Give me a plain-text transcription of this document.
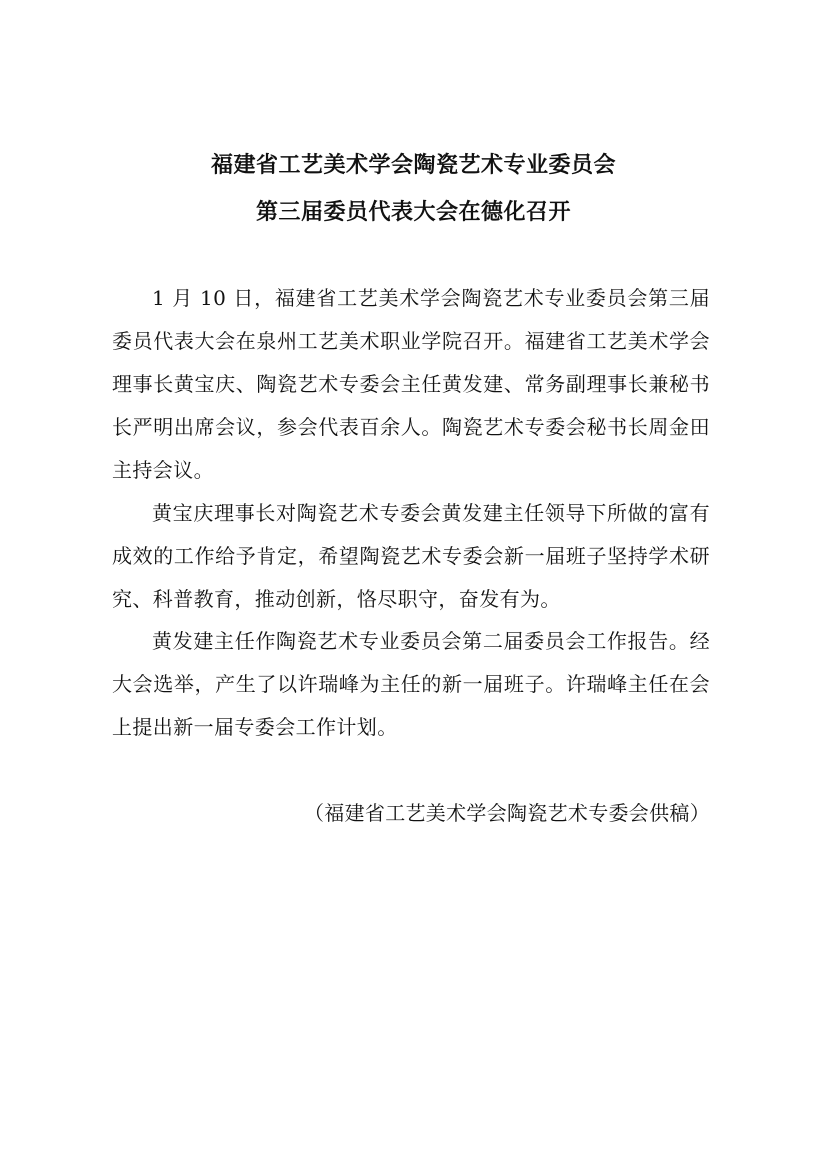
福建省工艺美术学会陶瓷艺术专业委员会
第三届委员代表大会在德化召开

1 月 10 日，福建省工艺美术学会陶瓷艺术专业委员会第三届委员代表大会在泉州工艺美术职业学院召开。福建省工艺美术学会理事长黄宝庆、陶瓷艺术专委会主任黄发建、常务副理事长兼秘书长严明出席会议，参会代表百余人。陶瓷艺术专委会秘书长周金田主持会议。

黄宝庆理事长对陶瓷艺术专委会黄发建主任领导下所做的富有成效的工作给予肯定，希望陶瓷艺术专委会新一届班子坚持学术研究、科普教育，推动创新，恪尽职守，奋发有为。

黄发建主任作陶瓷艺术专业委员会第二届委员会工作报告。经大会选举，产生了以许瑞峰为主任的新一届班子。许瑞峰主任在会上提出新一届专委会工作计划。

（福建省工艺美术学会陶瓷艺术专委会供稿）
